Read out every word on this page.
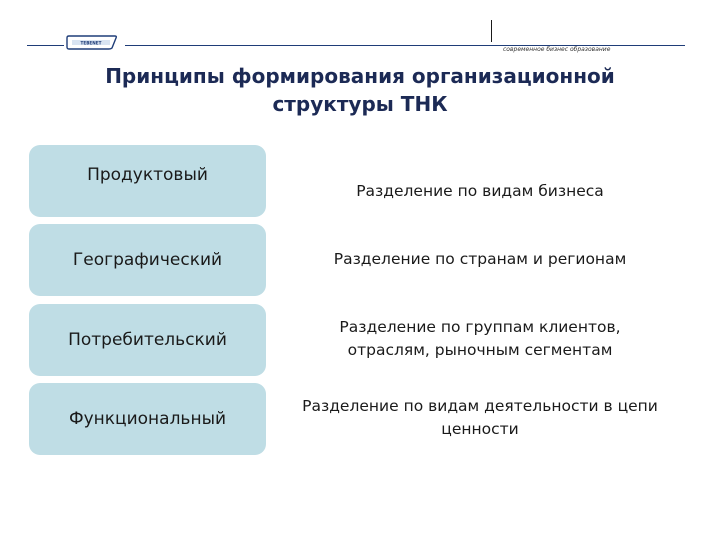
TEBENET
современное бизнес образование
Принципы формирования организационной
структуры ТНК
Продуктовый
Географический
Потребительский
Функциональный
Разделение по видам бизнеса
Разделение по странам и регионам
Разделение по группам клиентов, отраслям, рыночным сегментам
Разделение по видам деятельности в цепи ценности
